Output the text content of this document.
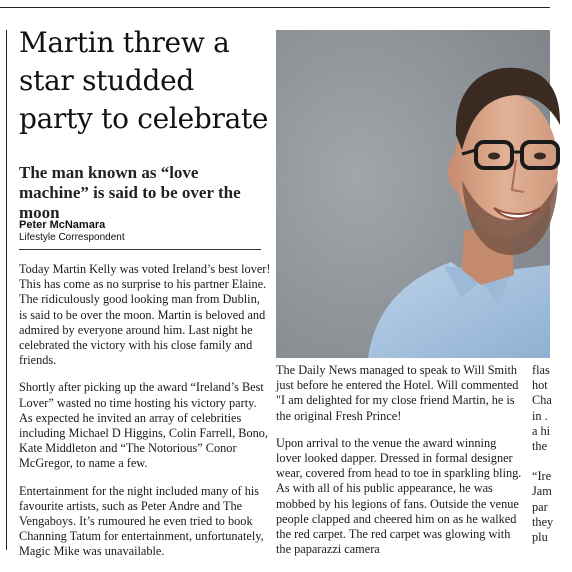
Martin threw a star studded party to celebrate
The man known as “love machine” is said to be over the moon
Peter McNamara
Lifestyle Correspondent

Today Martin Kelly was voted Ireland’s best lover! This has come as no surprise to his partner Elaine. The ridiculously good looking man from Dublin, is said to be over the moon. Martin is beloved and admired by everyone around him. Last night he celebrated the victory with his close family and friends.

Shortly after picking up the award “Ireland’s Best Lover” wasted no time hosting his victory party. As expected he invited an array of celebrities including Michael D Higgins, Colin Farrell, Bono, Kate Middleton and “The Notorious” Conor McGregor, to name a few.

Entertainment for the night included many of his favourite artists, such as Peter Andre and The Vengaboys. It’s rumoured he even tried to book Channing Tatum for entertainment, unfortunately, Magic Mike was unavailable.

The Daily News managed to speak to Will Smith just before he entered the Hotel. Will commented "I am delighted for my close friend Martin, he is the original Fresh Prince!

Upon arrival to the venue the award winning lover looked dapper. Dressed in formal designer wear, covered from head to toe in sparkling bling. As with all of his public appearance, he was mobbed by his legions of fans. Outside the venue people clapped and cheered him on as he walked the red carpet. The red carpet was glowing with the paparazzi camera

flas

hot

Cha

in .

a hi

the

“Ire

Jam

par

they

plu
